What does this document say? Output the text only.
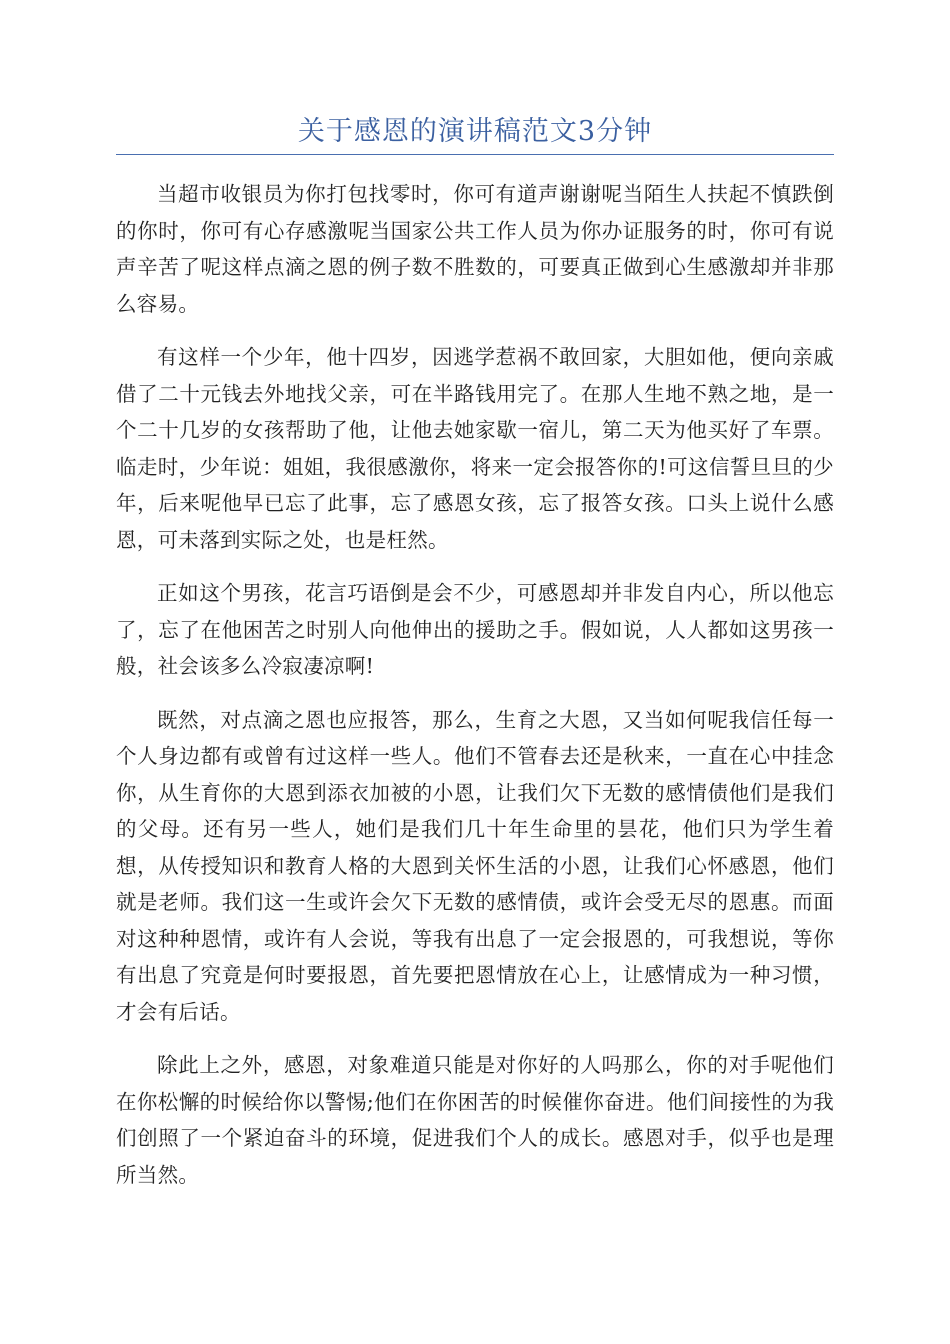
关于感恩的演讲稿范文3分钟

当超市收银员为你打包找零时，你可有道声谢谢呢当陌生人扶起不慎跌倒的你时，你可有心存感激呢当国家公共工作人员为你办证服务的时，你可有说声辛苦了呢这样点滴之恩的例子数不胜数的，可要真正做到心生感激却并非那么容易。

有这样一个少年，他十四岁，因逃学惹祸不敢回家，大胆如他，便向亲戚借了二十元钱去外地找父亲，可在半路钱用完了。在那人生地不熟之地，是一个二十几岁的女孩帮助了他，让他去她家歇一宿儿，第二天为他买好了车票。临走时，少年说：姐姐，我很感激你，将来一定会报答你的!可这信誓旦旦的少年，后来呢他早已忘了此事，忘了感恩女孩，忘了报答女孩。口头上说什么感恩，可未落到实际之处，也是枉然。

正如这个男孩，花言巧语倒是会不少，可感恩却并非发自内心，所以他忘了，忘了在他困苦之时别人向他伸出的援助之手。假如说，人人都如这男孩一般，社会该多么冷寂凄凉啊!

既然，对点滴之恩也应报答，那么，生育之大恩，又当如何呢我信任每一个人身边都有或曾有过这样一些人。他们不管春去还是秋来，一直在心中挂念你，从生育你的大恩到添衣加被的小恩，让我们欠下无数的感情债他们是我们的父母。还有另一些人，她们是我们几十年生命里的昙花，他们只为学生着想，从传授知识和教育人格的大恩到关怀生活的小恩，让我们心怀感恩，他们就是老师。我们这一生或许会欠下无数的感情债，或许会受无尽的恩惠。而面对这种种恩情，或许有人会说，等我有出息了一定会报恩的，可我想说，等你有出息了究竟是何时要报恩，首先要把恩情放在心上，让感情成为一种习惯，才会有后话。

除此上之外，感恩，对象难道只能是对你好的人吗那么，你的对手呢他们在你松懈的时候给你以警惕;他们在你困苦的时候催你奋进。他们间接性的为我们创照了一个紧迫奋斗的环境，促进我们个人的成长。感恩对手，似乎也是理所当然。
